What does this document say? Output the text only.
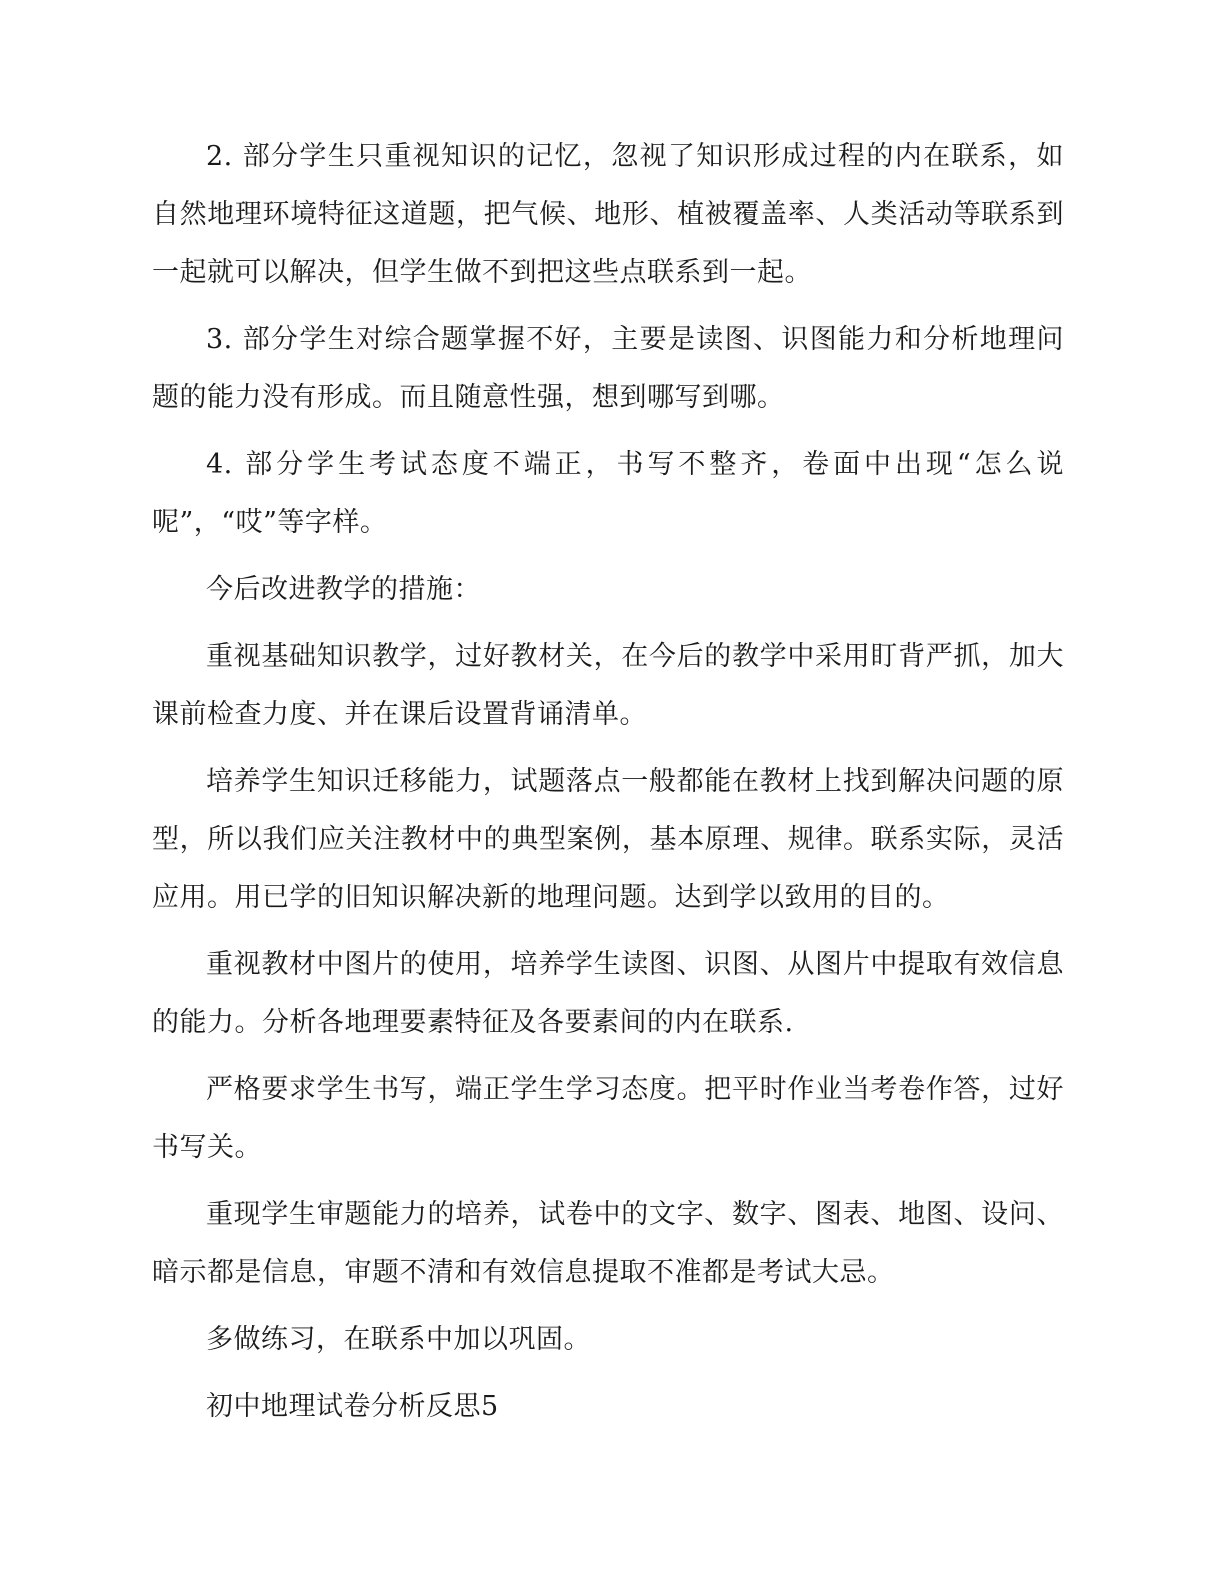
2. 部分学生只重视知识的记忆，忽视了知识形成过程的内在联系，如自然地理环境特征这道题，把气候、地形、植被覆盖率、人类活动等联系到一起就可以解决，但学生做不到把这些点联系到一起。

3. 部分学生对综合题掌握不好，主要是读图、识图能力和分析地理问题的能力没有形成。而且随意性强，想到哪写到哪。

4. 部分学生考试态度不端正，书写不整齐，卷面中出现“怎么说呢”，“哎”等字样。

今后改进教学的措施：

重视基础知识教学，过好教材关，在今后的教学中采用盯背严抓，加大课前检查力度、并在课后设置背诵清单。

培养学生知识迁移能力，试题落点一般都能在教材上找到解决问题的原型，所以我们应关注教材中的典型案例，基本原理、规律。联系实际，灵活应用。用已学的旧知识解决新的地理问题。达到学以致用的目的。

重视教材中图片的使用，培养学生读图、识图、从图片中提取有效信息的能力。分析各地理要素特征及各要素间的内在联系.

严格要求学生书写，端正学生学习态度。把平时作业当考卷作答，过好书写关。

重现学生审题能力的培养，试卷中的文字、数字、图表、地图、设问、暗示都是信息，审题不清和有效信息提取不准都是考试大忌。

多做练习，在联系中加以巩固。

初中地理试卷分析反思5
